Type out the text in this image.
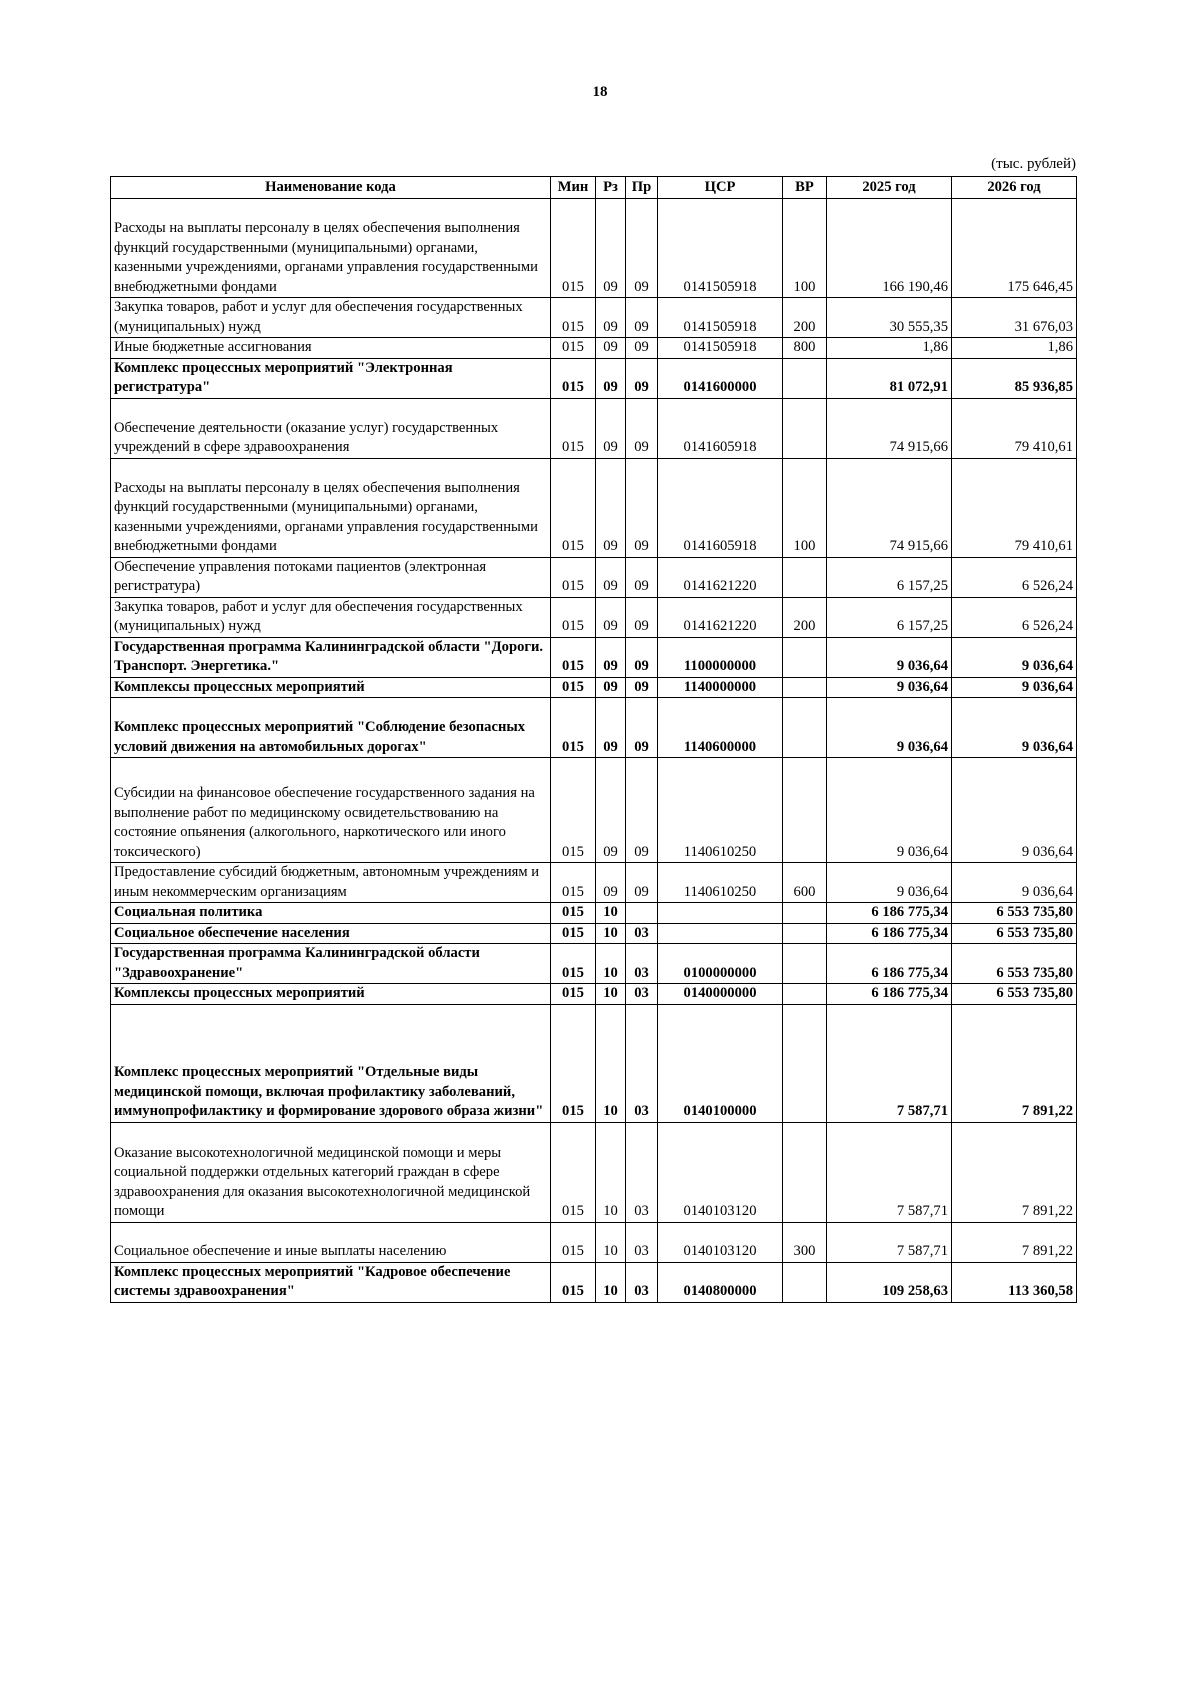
18
(тыс. рублей)
Наименование кода	Мин	Рз	Пр	ЦСР	ВР	2025 год	2026 год
Расходы на выплаты персоналу в целях обеспечения выполнения функций государственными (муниципальными) органами, казенными учреждениями, органами управления государственными внебюджетными фондами	015	09	09	0141505918	100	166 190,46	175 646,45
Закупка товаров, работ и услуг для обеспечения государственных (муниципальных) нужд	015	09	09	0141505918	200	30 555,35	31 676,03
Иные бюджетные ассигнования	015	09	09	0141505918	800	1,86	1,86
Комплекс процессных мероприятий "Электронная регистратура"	015	09	09	0141600000		81 072,91	85 936,85
Обеспечение деятельности (оказание услуг) государственных учреждений в сфере здравоохранения	015	09	09	0141605918		74 915,66	79 410,61
Расходы на выплаты персоналу в целях обеспечения выполнения функций государственными (муниципальными) органами, казенными учреждениями, органами управления государственными внебюджетными фондами	015	09	09	0141605918	100	74 915,66	79 410,61
Обеспечение управления потоками пациентов (электронная регистратура)	015	09	09	0141621220		6 157,25	6 526,24
Закупка товаров, работ и услуг для обеспечения государственных (муниципальных) нужд	015	09	09	0141621220	200	6 157,25	6 526,24
Государственная программа Калининградской области "Дороги. Транспорт. Энергетика."	015	09	09	1100000000		9 036,64	9 036,64
Комплексы процессных мероприятий	015	09	09	1140000000		9 036,64	9 036,64
Комплекс процессных мероприятий "Соблюдение безопасных условий движения на автомобильных дорогах"	015	09	09	1140600000		9 036,64	9 036,64
Субсидии на финансовое обеспечение государственного задания на выполнение работ по медицинскому освидетельствованию на состояние опьянения (алкогольного, наркотического или иного токсического)	015	09	09	1140610250		9 036,64	9 036,64
Предоставление субсидий бюджетным, автономным учреждениям и иным некоммерческим организациям	015	09	09	1140610250	600	9 036,64	9 036,64
Социальная политика	015	10				6 186 775,34	6 553 735,80
Социальное обеспечение населения	015	10	03			6 186 775,34	6 553 735,80
Государственная программа Калининградской области "Здравоохранение"	015	10	03	0100000000		6 186 775,34	6 553 735,80
Комплексы процессных мероприятий	015	10	03	0140000000		6 186 775,34	6 553 735,80
Комплекс процессных мероприятий "Отдельные виды медицинской помощи, включая профилактику заболеваний, иммунопрофилактику и формирование здорового образа жизни"	015	10	03	0140100000		7 587,71	7 891,22
Оказание высокотехнологичной медицинской помощи и меры социальной поддержки отдельных категорий граждан в сфере здравоохранения для оказания высокотехнологичной медицинской помощи	015	10	03	0140103120		7 587,71	7 891,22
Социальное обеспечение и иные выплаты населению	015	10	03	0140103120	300	7 587,71	7 891,22
Комплекс процессных мероприятий "Кадровое обеспечение системы здравоохранения"	015	10	03	0140800000		109 258,63	113 360,58
